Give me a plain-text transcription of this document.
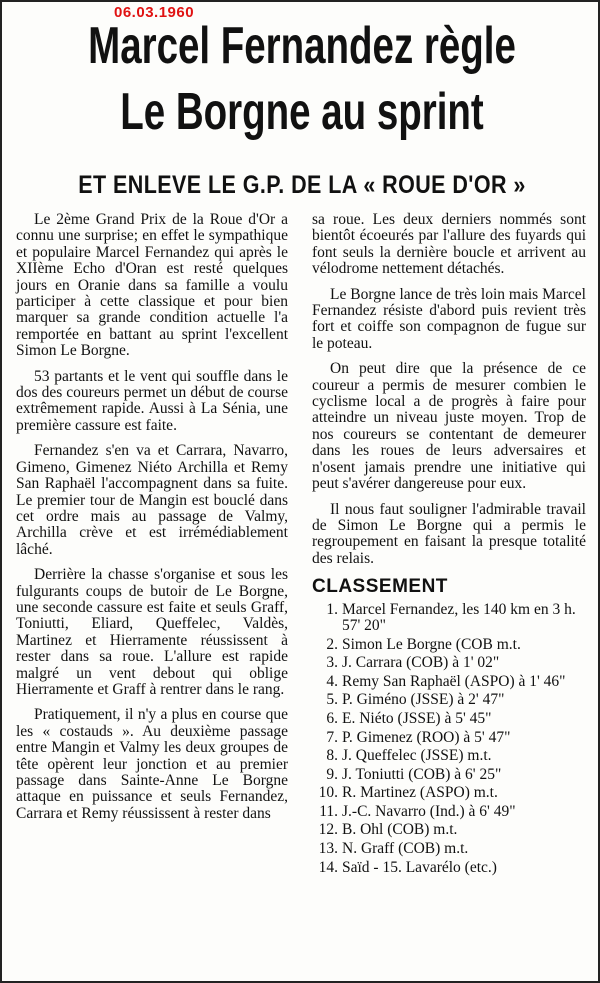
06.03.1960
Marcel Fernandez règle
Le Borgne au sprint
ET ENLEVE LE G.P. DE LA « ROUE D'OR »

Le 2ème Grand Prix de la Roue d'Or a connu une surprise; en effet le sympathique et populaire Marcel Fernandez qui après le XIIème Echo d'Oran est resté quelques jours en Oranie dans sa famille a voulu participer à cette classique et pour bien marquer sa grande condition actuelle l'a remportée en battant au sprint l'excellent Simon Le Borgne.

53 partants et le vent qui souffle dans le dos des coureurs permet un début de course extrêmement rapide. Aussi à La Sénia, une première cassure est faite.

Fernandez s'en va et Carrara, Navarro, Gimeno, Gimenez Niéto Archilla et Remy San Raphaël l'accompagnent dans sa fuite. Le premier tour de Mangin est bouclé dans cet ordre mais au passage de Valmy, Archilla crève et est irrémédiablement lâché.

Derrière la chasse s'organise et sous les fulgurants coups de butoir de Le Borgne, une seconde cassure est faite et seuls Graff, Toniutti, Eliard, Queffelec, Valdès, Martinez et Hierramente réussissent à rester dans sa roue. L'allure est rapide malgré un vent debout qui oblige Hierramente et Graff à rentrer dans le rang.

Pratiquement, il n'y a plus en course que les « costauds ». Au deuxième passage entre Mangin et Valmy les deux groupes de tête opèrent leur jonction et au premier passage dans Sainte-Anne Le Borgne attaque en puissance et seuls Fernandez, Carrara et Remy réussissent à rester dans

sa roue. Les deux derniers nommés sont bientôt écoeurés par l'allure des fuyards qui font seuls la dernière boucle et arrivent au vélodrome nettement détachés.

Le Borgne lance de très loin mais Marcel Fernandez résiste d'abord puis revient très fort et coiffe son compagnon de fugue sur le poteau.

On peut dire que la présence de ce coureur a permis de mesurer combien le cyclisme local a de progrès à faire pour atteindre un niveau juste moyen. Trop de nos coureurs se contentant de demeurer dans les roues de leurs adversaires et n'osent jamais prendre une initiative qui peut s'avérer dangereuse pour eux.

Il nous faut souligner l'admirable travail de Simon Le Borgne qui a permis le regroupement en faisant la presque totalité des relais.

CLASSEMENT
1. Marcel Fernandez, les 140 km en 3 h. 57' 20"
2. Simon Le Borgne (COB m.t.
3. J. Carrara (COB) à 1' 02"
4. Remy San Raphaël (ASPO) à 1' 46"
5. P. Giméno (JSSE) à 2' 47"
6. E. Niéto (JSSE) à 5' 45"
7. P. Gimenez (ROO) à 5' 47"
8. J. Queffelec (JSSE) m.t.
9. J. Toniutti (COB) à 6' 25"
10. R. Martinez (ASPO) m.t.
11. J.-C. Navarro (Ind.) à 6' 49"
12. B. Ohl (COB) m.t.
13. N. Graff (COB) m.t.
14. Saïd - 15. Lavarélo (etc.)
